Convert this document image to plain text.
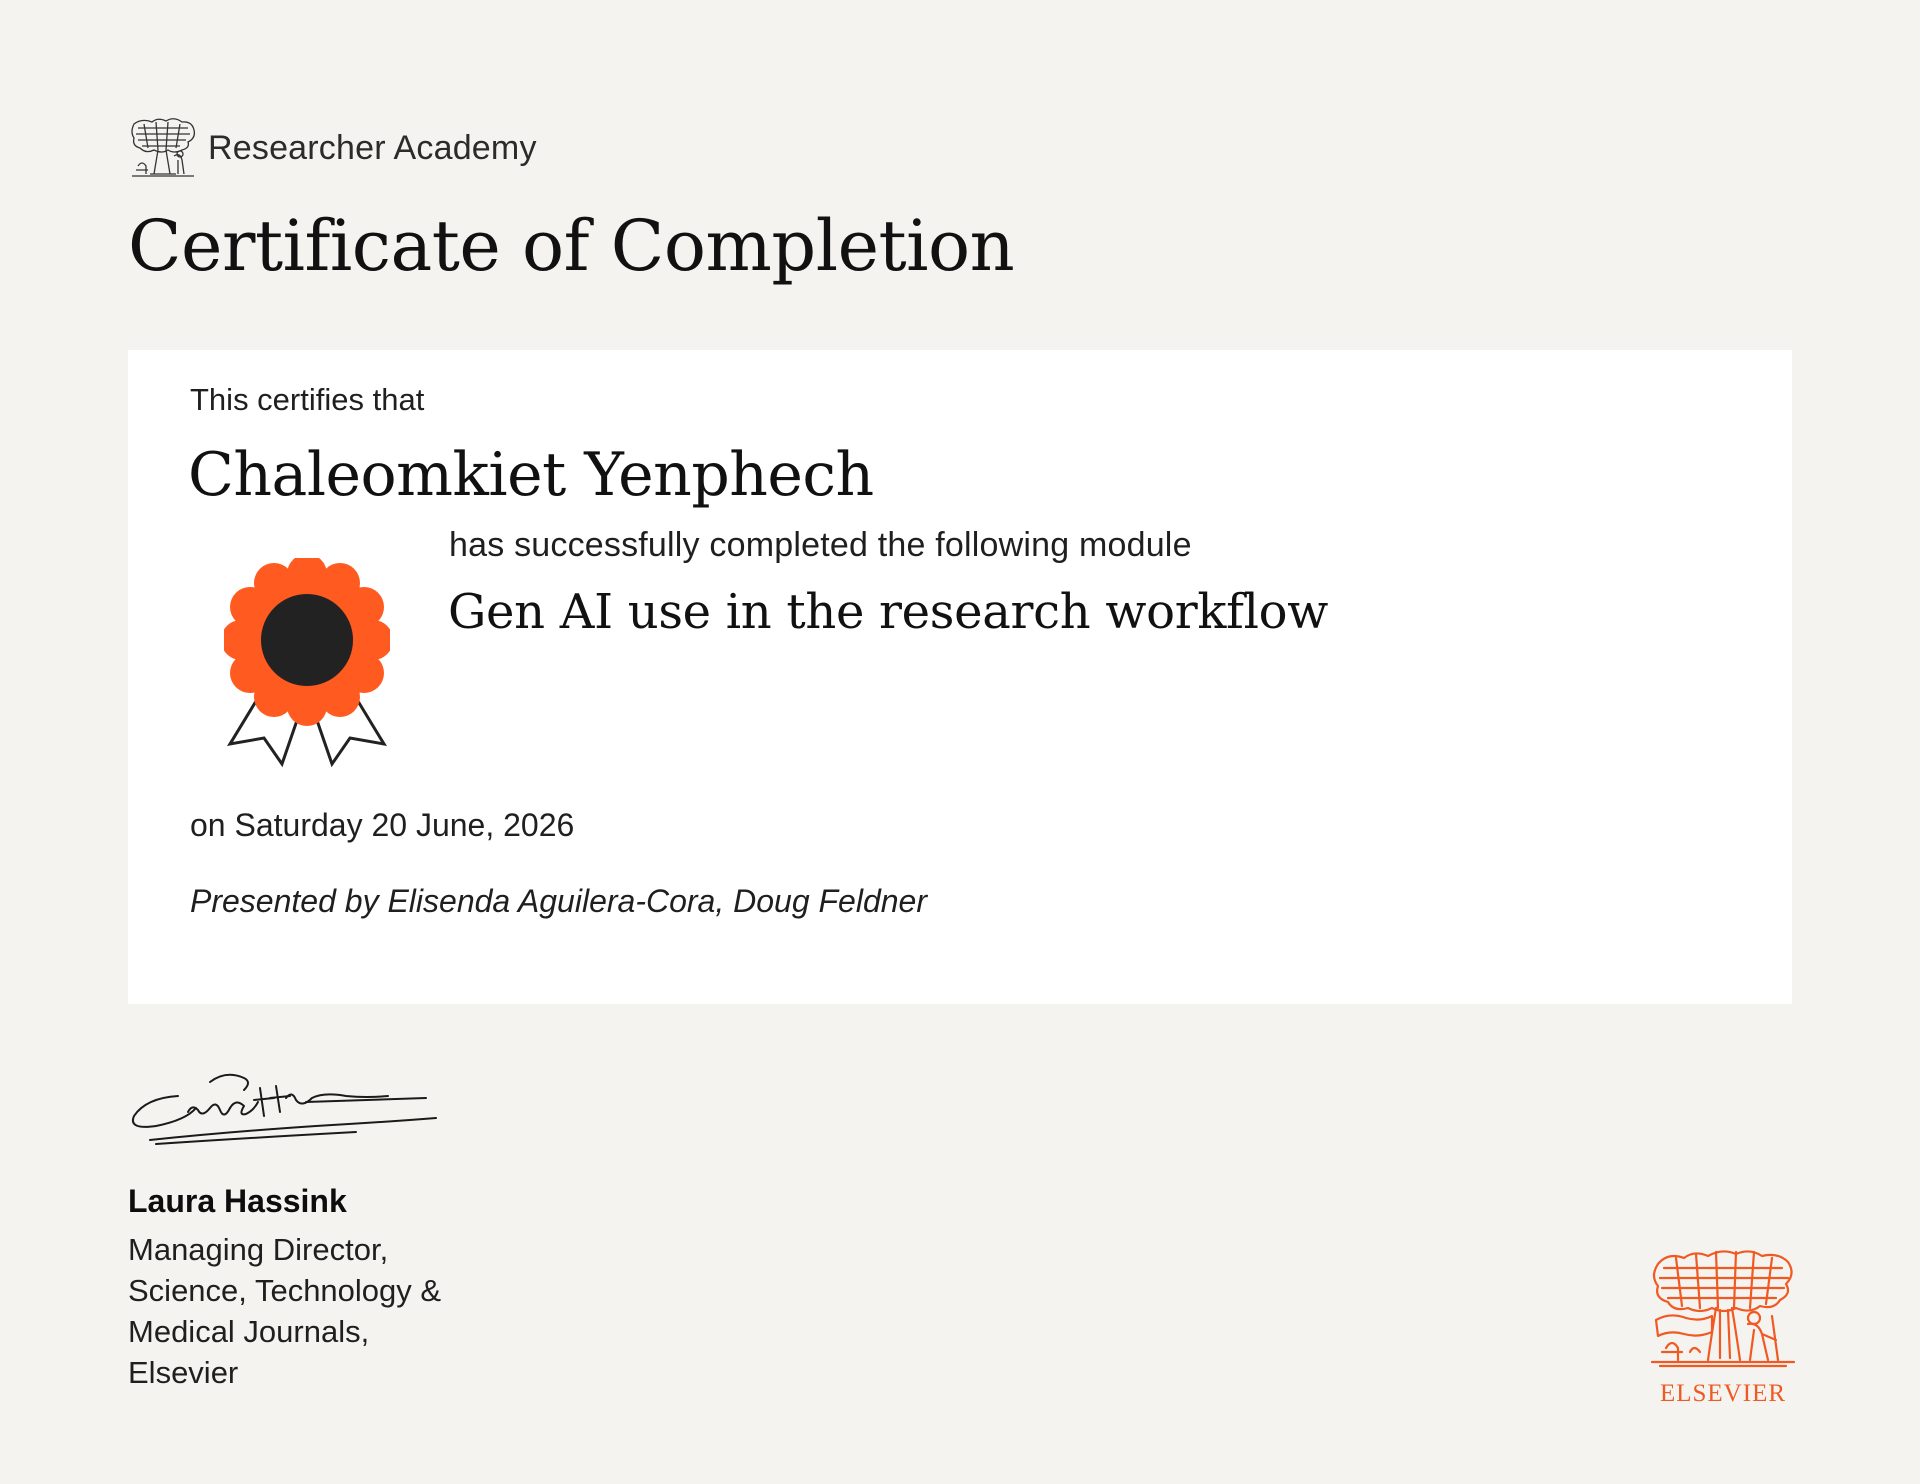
Researcher Academy
Certificate of Completion
This certifies that
Chaleomkiet Yenphech
has successfully completed the following module
Gen AI use in the research workflow
on Saturday 20 June, 2026
Presented by Elisenda Aguilera-Cora, Doug Feldner
Laura Hassink
Managing Director,
Science, Technology &
Medical Journals,
Elsevier
ELSEVIER
